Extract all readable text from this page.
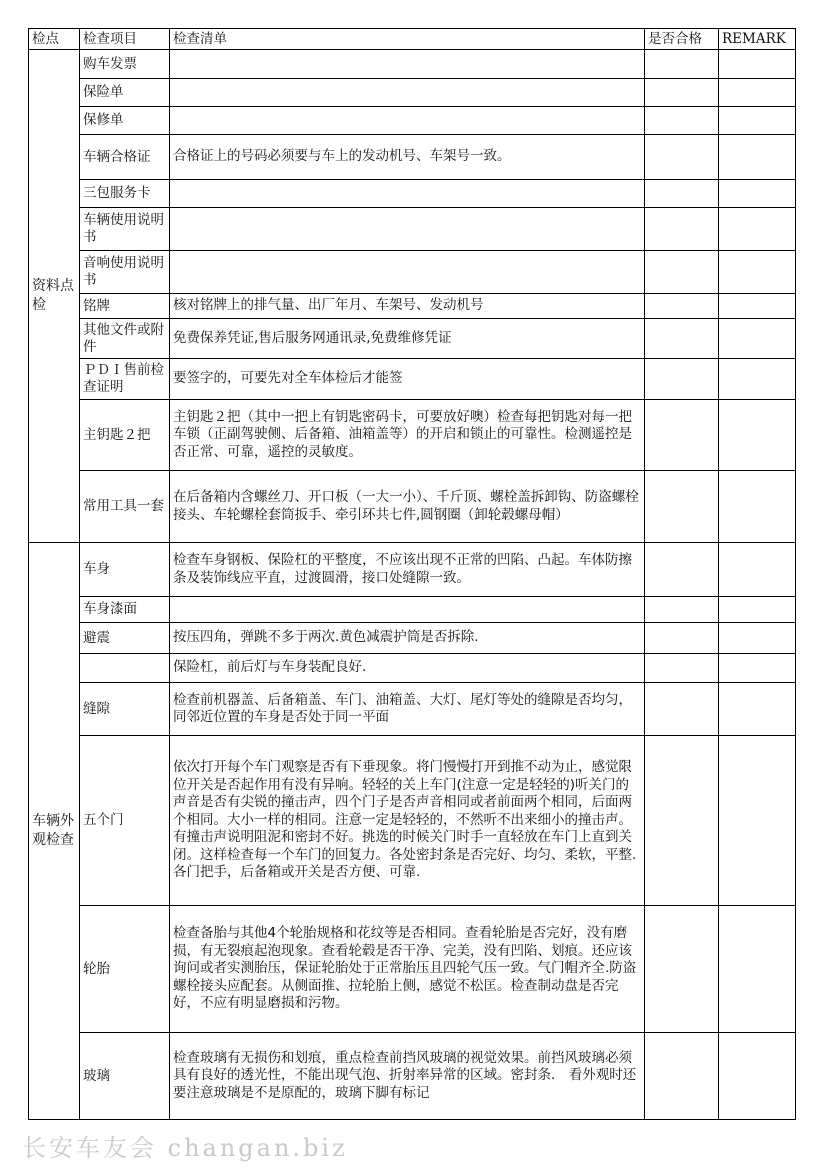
检点	检查项目	检查清单	是否合格	REMARK
资料点检	购车发票			
	保险单			
	保修单			
	车辆合格证	合格证上的号码必须要与车上的发动机号、车架号一致。		
	三包服务卡			
	车辆使用说明书			
	音响使用说明书			
	铭牌	核对铭牌上的排气量、出厂年月、车架号、发动机号		
	其他文件或附件	免费保养凭证,售后服务网通讯录,免费维修凭证		
	ＰＤＩ售前检查证明	要签字的，可要先对全车体检后才能签		
	主钥匙２把	主钥匙２把（其中一把上有钥匙密码卡，可要放好噢）检查每把钥匙对每一把车锁（正副驾驶侧、后备箱、油箱盖等）的开启和锁止的可靠性。检测遥控是否正常、可靠，遥控的灵敏度。		
	常用工具一套	在后备箱内含螺丝刀、开口板（一大一小）、千斤顶、螺栓盖拆卸钩、防盗螺栓接头、车轮螺栓套筒扳手、牵引环共七件,圆钢圈（卸轮毂螺母帽）		
车辆外观检查	车身	检查车身钢板、保险杠的平整度，不应该出现不正常的凹陷、凸起。车体防擦条及装饰线应平直，过渡圆滑，接口处缝隙一致。		
	车身漆面			
	避震	按压四角，弹跳不多于两次.黄色减震护筒是否拆除.		
		保险杠，前后灯与车身装配良好.		
	缝隙	检查前机器盖、后备箱盖、车门、油箱盖、大灯、尾灯等处的缝隙是否均匀，同邻近位置的车身是否处于同一平面		
	五个门	依次打开每个车门观察是否有下垂现象。将门慢慢打开到推不动为止，感觉限位开关是否起作用有没有异响。轻轻的关上车门(注意一定是轻轻的)听关门的声音是否有尖锐的撞击声，四个门子是否声音相同或者前面两个相同，后面两个相同。大小一样的相同。注意一定是轻轻的，不然听不出来细小的撞击声。有撞击声说明阻泥和密封不好。挑选的时候关门时手一直轻放在车门上直到关闭。这样检查每一个车门的回复力。各处密封条是否完好、均匀、柔软，平整.各门把手，后备箱或开关是否方便、可靠.		
	轮胎	检查备胎与其他4个轮胎规格和花纹等是否相同。查看轮胎是否完好，没有磨损，有无裂痕起泡现象。查看轮毂是否干净、完美，没有凹陷、划痕。还应该询问或者实测胎压，保证轮胎处于正常胎压且四轮气压一致。气门帽齐全.防盗螺栓接头应配套。从侧面推、拉轮胎上侧，感觉不松匡。检查制动盘是否完好，不应有明显磨损和污物。		
	玻璃	检查玻璃有无损伤和划痕，重点检查前挡风玻璃的视觉效果。前挡风玻璃必须具有良好的透光性，不能出现气泡、折射率异常的区域。密封条． 看外观时还要注意玻璃是不是原配的，玻璃下脚有标记		
长安车友会 changan.biz
